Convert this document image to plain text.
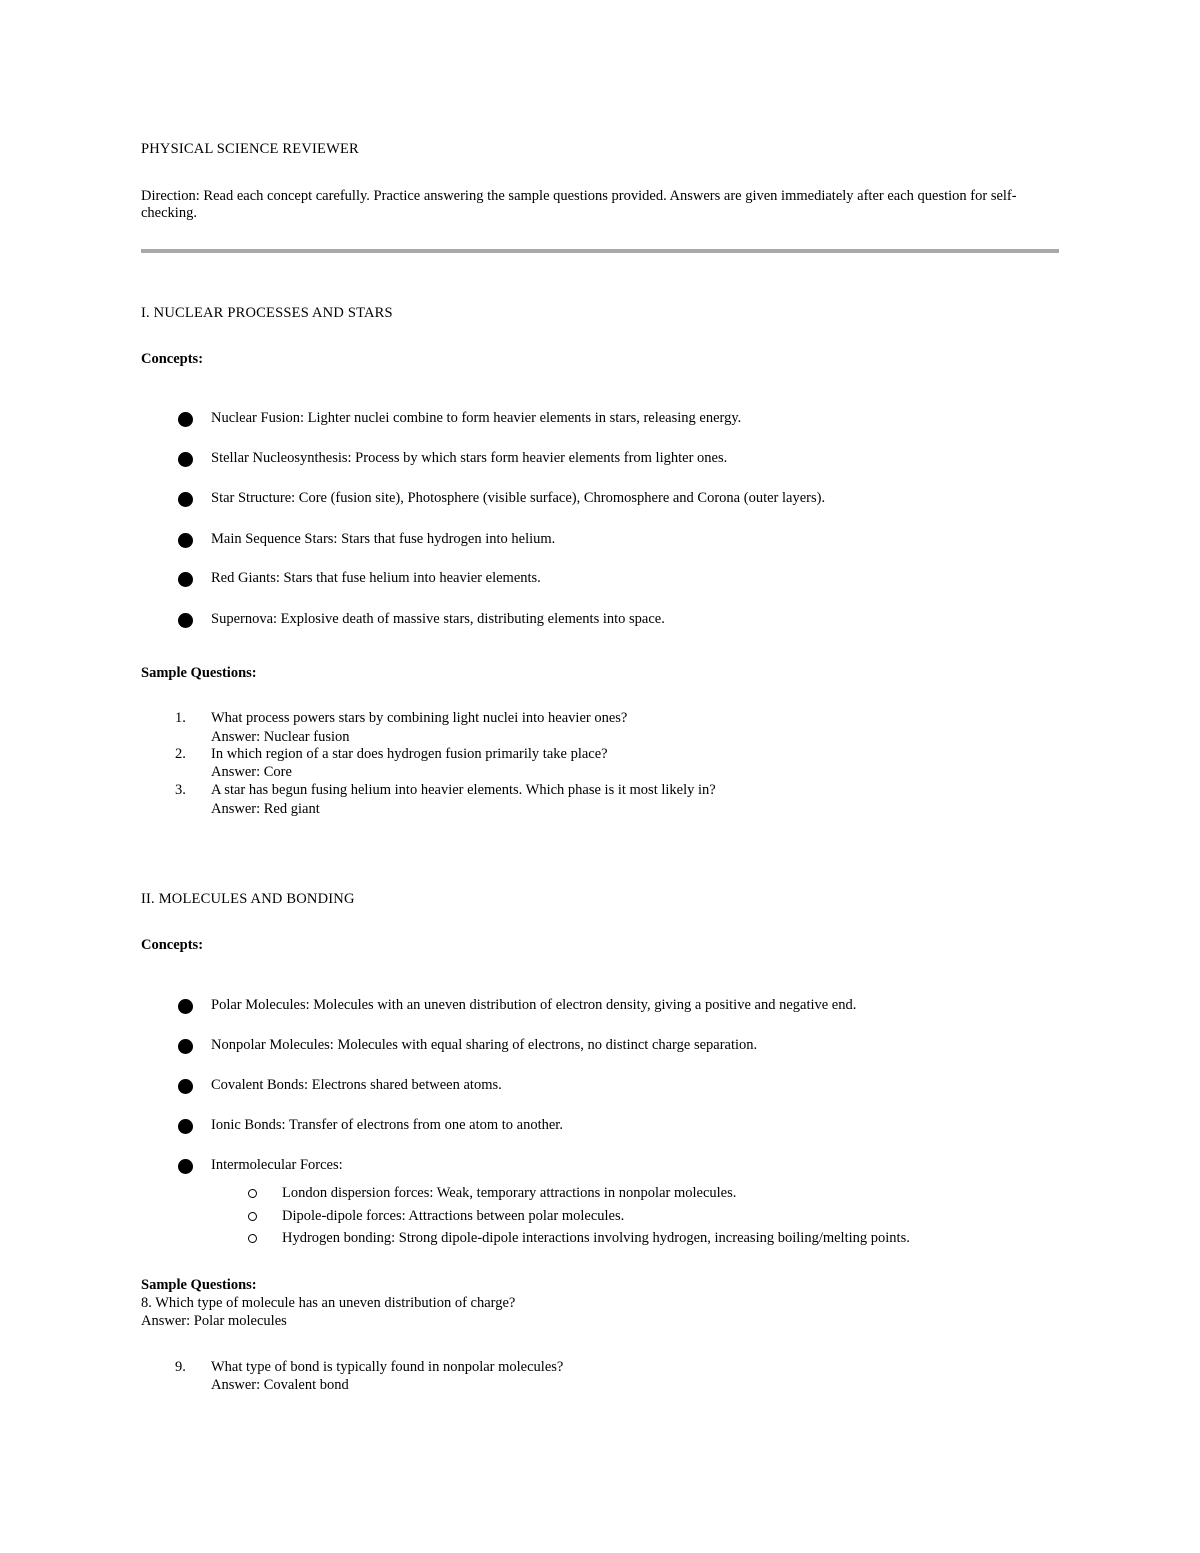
PHYSICAL SCIENCE REVIEWER
Direction: Read each concept carefully. Practice answering the sample questions provided. Answers are given immediately after each question for self-checking.
I. NUCLEAR PROCESSES AND STARS
Concepts:
Nuclear Fusion: Lighter nuclei combine to form heavier elements in stars, releasing energy.
Stellar Nucleosynthesis: Process by which stars form heavier elements from lighter ones.
Star Structure: Core (fusion site), Photosphere (visible surface), Chromosphere and Corona (outer layers).
Main Sequence Stars: Stars that fuse hydrogen into helium.
Red Giants: Stars that fuse helium into heavier elements.
Supernova: Explosive death of massive stars, distributing elements into space.
Sample Questions:
1. What process powers stars by combining light nuclei into heavier ones?
Answer: Nuclear fusion
2. In which region of a star does hydrogen fusion primarily take place?
Answer: Core
3. A star has begun fusing helium into heavier elements. Which phase is it most likely in?
Answer: Red giant
II. MOLECULES AND BONDING
Concepts:
Polar Molecules: Molecules with an uneven distribution of electron density, giving a positive and negative end.
Nonpolar Molecules: Molecules with equal sharing of electrons, no distinct charge separation.
Covalent Bonds: Electrons shared between atoms.
Ionic Bonds: Transfer of electrons from one atom to another.
Intermolecular Forces:
London dispersion forces: Weak, temporary attractions in nonpolar molecules.
Dipole-dipole forces: Attractions between polar molecules.
Hydrogen bonding: Strong dipole-dipole interactions involving hydrogen, increasing boiling/melting points.
Sample Questions:
8. Which type of molecule has an uneven distribution of charge?
Answer: Polar molecules
9. What type of bond is typically found in nonpolar molecules?
Answer: Covalent bond
